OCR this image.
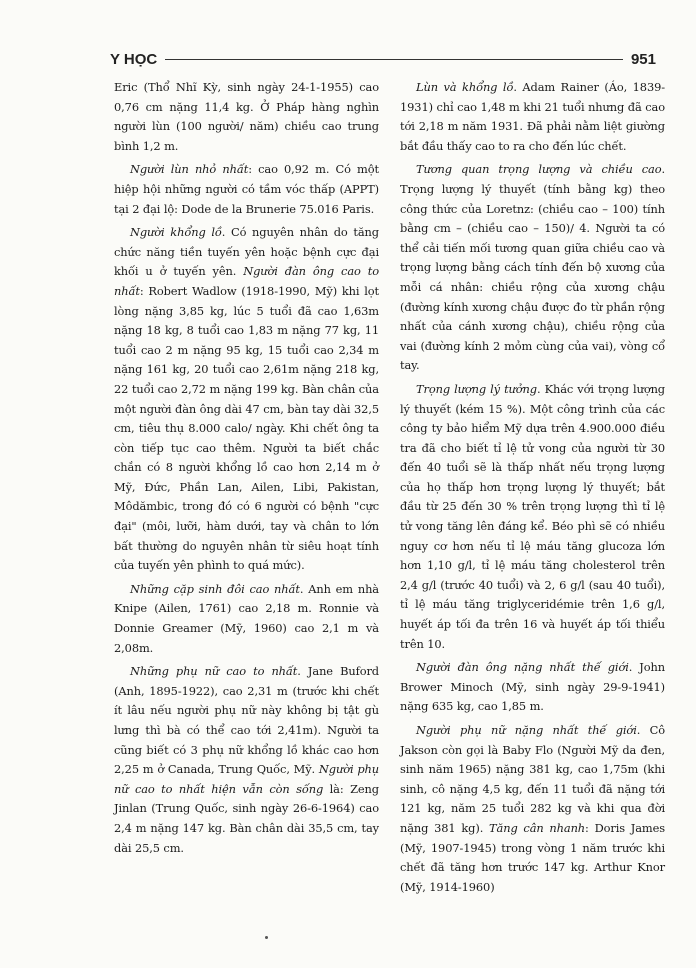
Y HỌC	951

Eric (Thổ Nhĩ Kỳ, sinh ngày 24-1-1955) cao 0,76 cm nặng 11,4 kg. Ở Pháp hàng nghìn người lùn (100 người/ năm) chiều cao trung bình 1,2 m.

Người lùn nhỏ nhất: cao 0,92 m. Có một hiệp hội những người có tầm vóc thấp (APPT) tại 2 đại lộ: Dode de la Brunerie 75.016 Paris.

Người khổng lồ. Có nguyên nhân do tăng chức năng tiền tuyến yên hoặc bệnh cực đại khối u ở tuyến yên. Người đàn ông cao to nhất: Robert Wadlow (1918-1990, Mỹ) khi lọt lòng nặng 3,85 kg, lúc 5 tuổi đã cao 1,63m nặng 18 kg, 8 tuổi cao 1,83 m nặng 77 kg, 11 tuổi cao 2 m nặng 95 kg, 15 tuổi cao 2,34 m nặng 161 kg, 20 tuổi cao 2,61m nặng 218 kg, 22 tuổi cao 2,72 m nặng 199 kg. Bàn chân của một người đàn ông dài 47 cm, bàn tay dài 32,5 cm, tiêu thụ 8.000 calo/ ngày. Khi chết ông ta còn tiếp tục cao thêm. Người ta biết chắc chắn có 8 người khổng lồ cao hơn 2,14 m ở Mỹ, Đức, Phần Lan, Ailen, Libi, Pakistan, Môdămbic, trong đó có 6 người có bệnh "cực đại" (môi, lưỡi, hàm dưới, tay và chân to lớn bất thường do nguyên nhân từ siêu hoạt tính của tuyến yên phình to quá mức).

Những cặp sinh đôi cao nhất. Anh em nhà Knipe (Ailen, 1761) cao 2,18 m. Ronnie và Donnie Greamer (Mỹ, 1960) cao 2,1 m và 2,08m.

Những phụ nữ cao to nhất. Jane Buford (Anh, 1895-1922), cao 2,31 m (trước khi chết ít lâu nếu người phụ nữ này không bị tật gù lưng thì bà có thể cao tới 2,41m). Người ta cũng biết có 3 phụ nữ khổng lồ khác cao hơn 2,25 m ở Canada, Trung Quốc, Mỹ. Người phụ nữ cao to nhất hiện vẫn còn sống là: Zeng Jinlan (Trung Quốc, sinh ngày 26-6-1964) cao 2,4 m nặng 147 kg. Bàn chân dài 35,5 cm, tay dài 25,5 cm.

Lùn và khổng lồ. Adam Rainer (Áo, 1839-1931) chỉ cao 1,48 m khi 21 tuổi nhưng đã cao tới 2,18 m năm 1931. Đã phải nằm liệt giường bắt đầu thấy cao to ra cho đến lúc chết.

Tương quan trọng lượng và chiều cao. Trọng lượng lý thuyết (tính bằng kg) theo công thức của Loretnz: (chiều cao – 100) tính bằng cm – (chiều cao – 150)/ 4. Người ta có thể cải tiến mối tương quan giữa chiều cao và trọng lượng bằng cách tính đến bộ xương của mỗi cá nhân: chiều rộng của xương chậu (đường kính xương chậu được đo từ phần rộng nhất của cánh xương chậu), chiều rộng của vai (đường kính 2 mỏm cùng của vai), vòng cổ tay.

Trọng lượng lý tưởng. Khác với trọng lượng lý thuyết (kém 15 %). Một công trình của các công ty bảo hiểm Mỹ dựa trên 4.900.000 điều tra đã cho biết tỉ lệ tử vong của người từ 30 đến 40 tuổi sẽ là thấp nhất nếu trọng lượng của họ thấp hơn trọng lượng lý thuyết; bắt đầu từ 25 đến 30 % trên trọng lượng thì tỉ lệ tử vong tăng lên đáng kể. Béo phì sẽ có nhiều nguy cơ hơn nếu tỉ lệ máu tăng glucoza lớn hơn 1,10 g/l, tỉ lệ máu tăng cholesterol trên 2,4 g/l (trước 40 tuổi) và 2, 6 g/l (sau 40 tuổi), tỉ lệ máu tăng triglyceridémie trên 1,6 g/l, huyết áp tối đa trên 16 và huyết áp tối thiểu trên 10.

Người đàn ông nặng nhất thế giới. John Brower Minoch (Mỹ, sinh ngày 29-9-1941) nặng 635 kg, cao 1,85 m.

Người phụ nữ nặng nhất thế giới. Cô Jakson còn gọi là Baby Flo (Người Mỹ da đen, sinh năm 1965) nặng 381 kg, cao 1,75m (khi sinh, cô nặng 4,5 kg, đến 11 tuổi đã nặng tới 121 kg, năm 25 tuổi 282 kg và khi qua đời nặng 381 kg). Tăng cân nhanh: Doris James (Mỹ, 1907-1945) trong vòng 1 năm trước khi chết đã tăng hơn trước 147 kg. Arthur Knor (Mỹ, 1914-1960)
